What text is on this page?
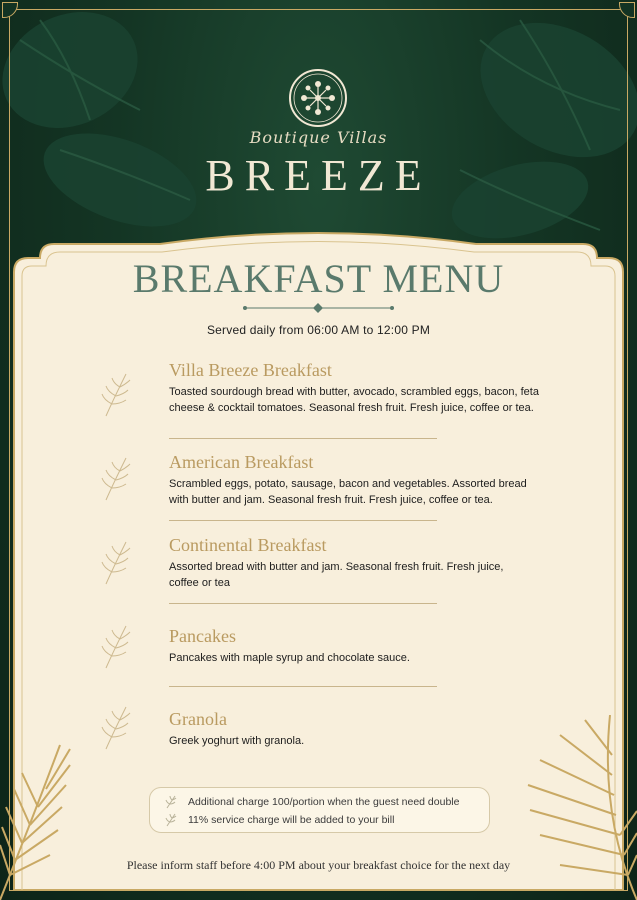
Boutique Villas
BREEZE
BREAKFAST MENU
Served daily from 06:00 AM to 12:00 PM
Villa Breeze Breakfast
Toasted sourdough bread with butter, avocado, scrambled eggs, bacon, feta cheese & cocktail tomatoes. Seasonal fresh fruit. Fresh juice, coffee or tea.
American Breakfast
Scrambled eggs, potato, sausage, bacon and vegetables. Assorted bread with butter and jam. Seasonal fresh fruit. Fresh juice, coffee or tea.
Continental Breakfast
Assorted bread with butter and jam. Seasonal fresh fruit. Fresh juice, coffee or tea
Pancakes
Pancakes with maple syrup and chocolate sauce.
Granola
Greek yoghurt with granola.
Additional charge 100/portion when the guest need double
11% service charge will be added to your bill
Please inform staff before 4:00 PM about your breakfast choice for the next day
